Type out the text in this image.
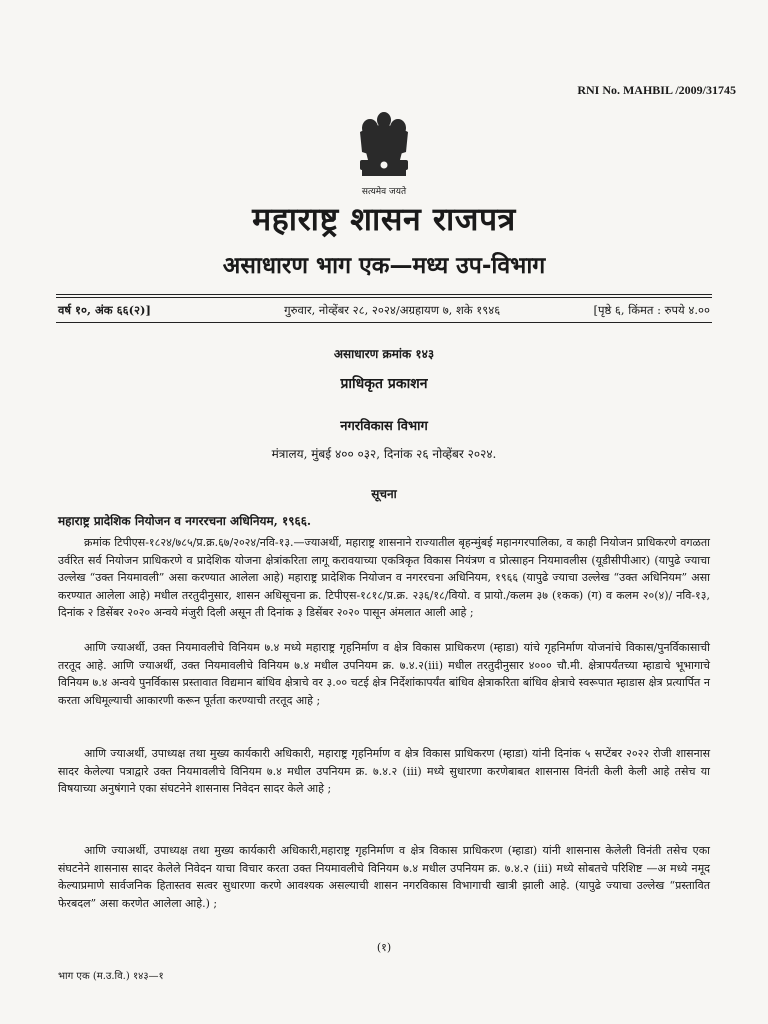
RNI No. MAHBIL /2009/31745
सत्यमेव जयते
महाराष्ट्र शासन राजपत्र
असाधारण भाग एक—मध्य उप-विभाग
वर्ष १०, अंक ६६(२)]	गुरुवार, नोव्हेंबर २८, २०२४/अग्रहायण ७, शके १९४६	[पृष्ठे ६, किंमत : रुपये ४.००
असाधारण क्रमांक १४३
प्राधिकृत प्रकाशन
नगरविकास विभाग
मंत्रालय, मुंबई ४०० ०३२, दिनांक २६ नोव्हेंबर २०२४.
सूचना
महाराष्ट्र प्रादेशिक नियोजन व नगररचना अधिनियम, १९६६.

क्रमांक टिपीएस-१८२४/७८५/प्र.क्र.६७/२०२४/नवि-१३.—ज्याअर्थी, महाराष्ट्र शासनाने राज्यातील बृहन्मुंबई महानगरपालिका, व काही नियोजन प्राधिकरणे वगळता उर्वरित सर्व नियोजन प्राधिकरणे व प्रादेशिक योजना क्षेत्रांकरिता लागू करावयाच्या एकत्रिकृत विकास नियंत्रण व प्रोत्साहन नियमावलीस (यूडीसीपीआर) (यापुढे ज्याचा उल्लेख “उक्त नियमावली” असा करण्यात आलेला आहे) महाराष्ट्र प्रादेशिक नियोजन व नगररचना अधिनियम, १९६६ (यापुढे ज्याचा उल्लेख “उक्त अधिनियम” असा करण्यात आलेला आहे) मधील तरतुदीनुसार, शासन अधिसूचना क्र. टिपीएस-१८१८/प्र.क्र. २३६/१८/वियो. व प्रायो./कलम ३७ (१कक) (ग) व कलम २०(४)/ नवि-१३, दिनांक २ डिसेंबर २०२० अन्वये मंजुरी दिली असून ती दिनांक ३ डिसेंबर २०२० पासून अंमलात आली आहे ;

आणि ज्याअर्थी, उक्त नियमावलीचे विनियम ७.४ मध्ये महाराष्ट्र गृहनिर्माण व क्षेत्र विकास प्राधिकरण (म्हाडा) यांचे गृहनिर्माण योजनांचे विकास/पुनर्विकासाची तरतूद आहे. आणि ज्याअर्थी, उक्त नियमावलीचे विनियम ७.४ मधील उपनियम क्र. ७.४.२(iii) मधील तरतुदीनुसार ४००० चौ.मी. क्षेत्रापर्यंतच्या म्हाडाचे भूभागाचे विनियम ७.४ अन्वये पुनर्विकास प्रस्तावात विद्यमान बांधिव क्षेत्राचे वर ३.०० चटई क्षेत्र निर्देशांकापर्यंत बांधिव क्षेत्राकरिता बांधिव क्षेत्राचे स्वरूपात म्हाडास क्षेत्र प्रत्यार्पित न करता अधिमूल्याची आकारणी करून पूर्तता करण्याची तरतूद आहे ;

आणि ज्याअर्थी, उपाध्यक्ष तथा मुख्य कार्यकारी अधिकारी, महाराष्ट्र गृहनिर्माण व क्षेत्र विकास प्राधिकरण (म्हाडा) यांनी दिनांक ५ सप्टेंबर २०२२ रोजी शासनास सादर केलेल्या पत्राद्वारे उक्त नियमावलीचे विनियम ७.४ मधील उपनियम क्र. ७.४.२ (iii) मध्ये सुधारणा करणेबाबत शासनास विनंती केली केली आहे तसेच या विषयाच्या अनुषंगाने एका संघटनेने शासनास निवेदन सादर केले आहे ;

आणि ज्याअर्थी, उपाध्यक्ष तथा मुख्य कार्यकारी अधिकारी,महाराष्ट्र गृहनिर्माण व क्षेत्र विकास प्राधिकरण (म्हाडा) यांनी शासनास केलेली विनंती तसेच एका संघटनेने शासनास सादर केलेले निवेदन याचा विचार करता उक्त नियमावलीचे विनियम ७.४ मधील उपनियम क्र. ७.४.२ (iii) मध्ये सोबतचे परिशिष्ट —अ मध्ये नमूद केल्याप्रमाणे सार्वजनिक हितास्तव सत्वर सुधारणा करणे आवश्यक असल्याची शासन नगरविकास विभागाची खात्री झाली आहे. (यापुढे ज्याचा उल्लेख “प्रस्तावित फेरबदल” असा करणेत आलेला आहे.) ;

(१)
भाग एक (म.उ.वि.) १४३—१
